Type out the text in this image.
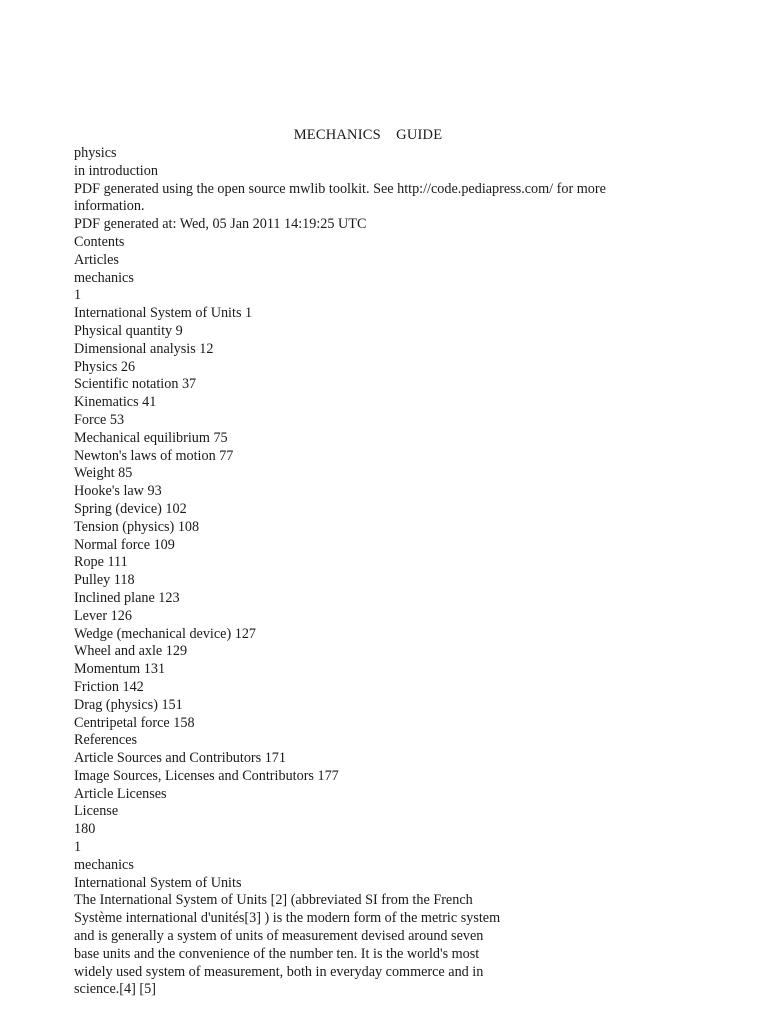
MECHANICS    GUIDE
physics
in introduction
PDF generated using the open source mwlib toolkit. See http://code.pediapress.com/ for more
information.
PDF generated at: Wed, 05 Jan 2011 14:19:25 UTC
Contents
Articles
mechanics
1
International System of Units 1
Physical quantity 9
Dimensional analysis 12
Physics 26
Scientific notation 37
Kinematics 41
Force 53
Mechanical equilibrium 75
Newton's laws of motion 77
Weight 85
Hooke's law 93
Spring (device) 102
Tension (physics) 108
Normal force 109
Rope 111
Pulley 118
Inclined plane 123
Lever 126
Wedge (mechanical device) 127
Wheel and axle 129
Momentum 131
Friction 142
Drag (physics) 151
Centripetal force 158
References
Article Sources and Contributors 171
Image Sources, Licenses and Contributors 177
Article Licenses
License
180
1
mechanics
International System of Units
The International System of Units [2] (abbreviated SI from the French
Système international d'unités[3] ) is the modern form of the metric system
and is generally a system of units of measurement devised around seven
base units and the convenience of the number ten. It is the world's most
widely used system of measurement, both in everyday commerce and in
science.[4] [5]
